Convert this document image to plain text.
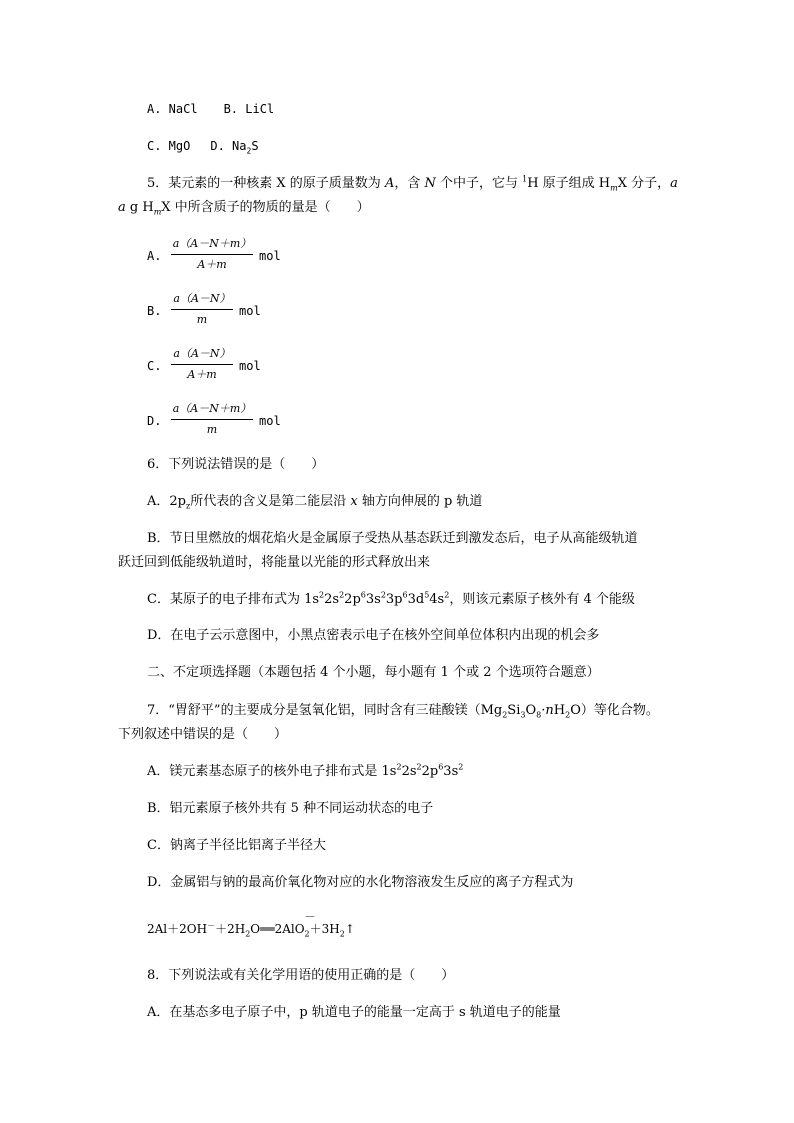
A. NaCl B. LiCl
C. MgO D. $Na_2S$
5．某元素的一种核素 X 的原子质量数为 A，含 N 个中子，它与 $^1$H 原子组成 $H_mX$ 分子，a
a g $H_mX$ 中所含质子的物质的量是（　　）
A.
a（A－N＋m）
A＋m
mol
B.
a（A－N）
m
mol
C.
a（A－N）
A＋m
mol
D.
a（A－N＋m）
m
mol
6．下列说法错误的是（　　）
A．$2p_z$所代表的含义是第二能层沿 x 轴方向伸展的 p 轨道
B．节日里燃放的烟花焰火是金属原子受热从基态跃迁到激发态后，电子从高能级轨道
跃迁回到低能级轨道时，将能量以光能的形式释放出来
C．某原子的电子排布式为 $1s^22s^22p^63s^23p^63d^54s^2$，则该元素原子核外有 4 个能级
D．在电子云示意图中，小黑点密表示电子在核外空间单位体积内出现的机会多
二、不定项选择题（本题包括 4 个小题，每小题有 1 个或 2 个选项符合题意）
7．“胃舒平”的主要成分是氢氧化铝，同时含有三硅酸镁$(Mg_2Si_3O_8\cdot nH_2O)$等化合物。
下列叙述中错误的是（　　）
A．镁元素基态原子的核外电子排布式是 $1s^22s^22p^63s^2$
B．铝元素原子核外共有 5 种不同运动状态的电子
C．钠离子半径比铝离子半径大
D．金属铝与钠的最高价氧化物对应的水化物溶液发生反应的离子方程式为
$2Al+2OH^-+2H_2O══2AlO$
－
$_2+3H_2↑$
8．下列说法或有关化学用语的使用正确的是（　　）
A．在基态多电子原子中，p 轨道电子的能量一定高于 s 轨道电子的能量
